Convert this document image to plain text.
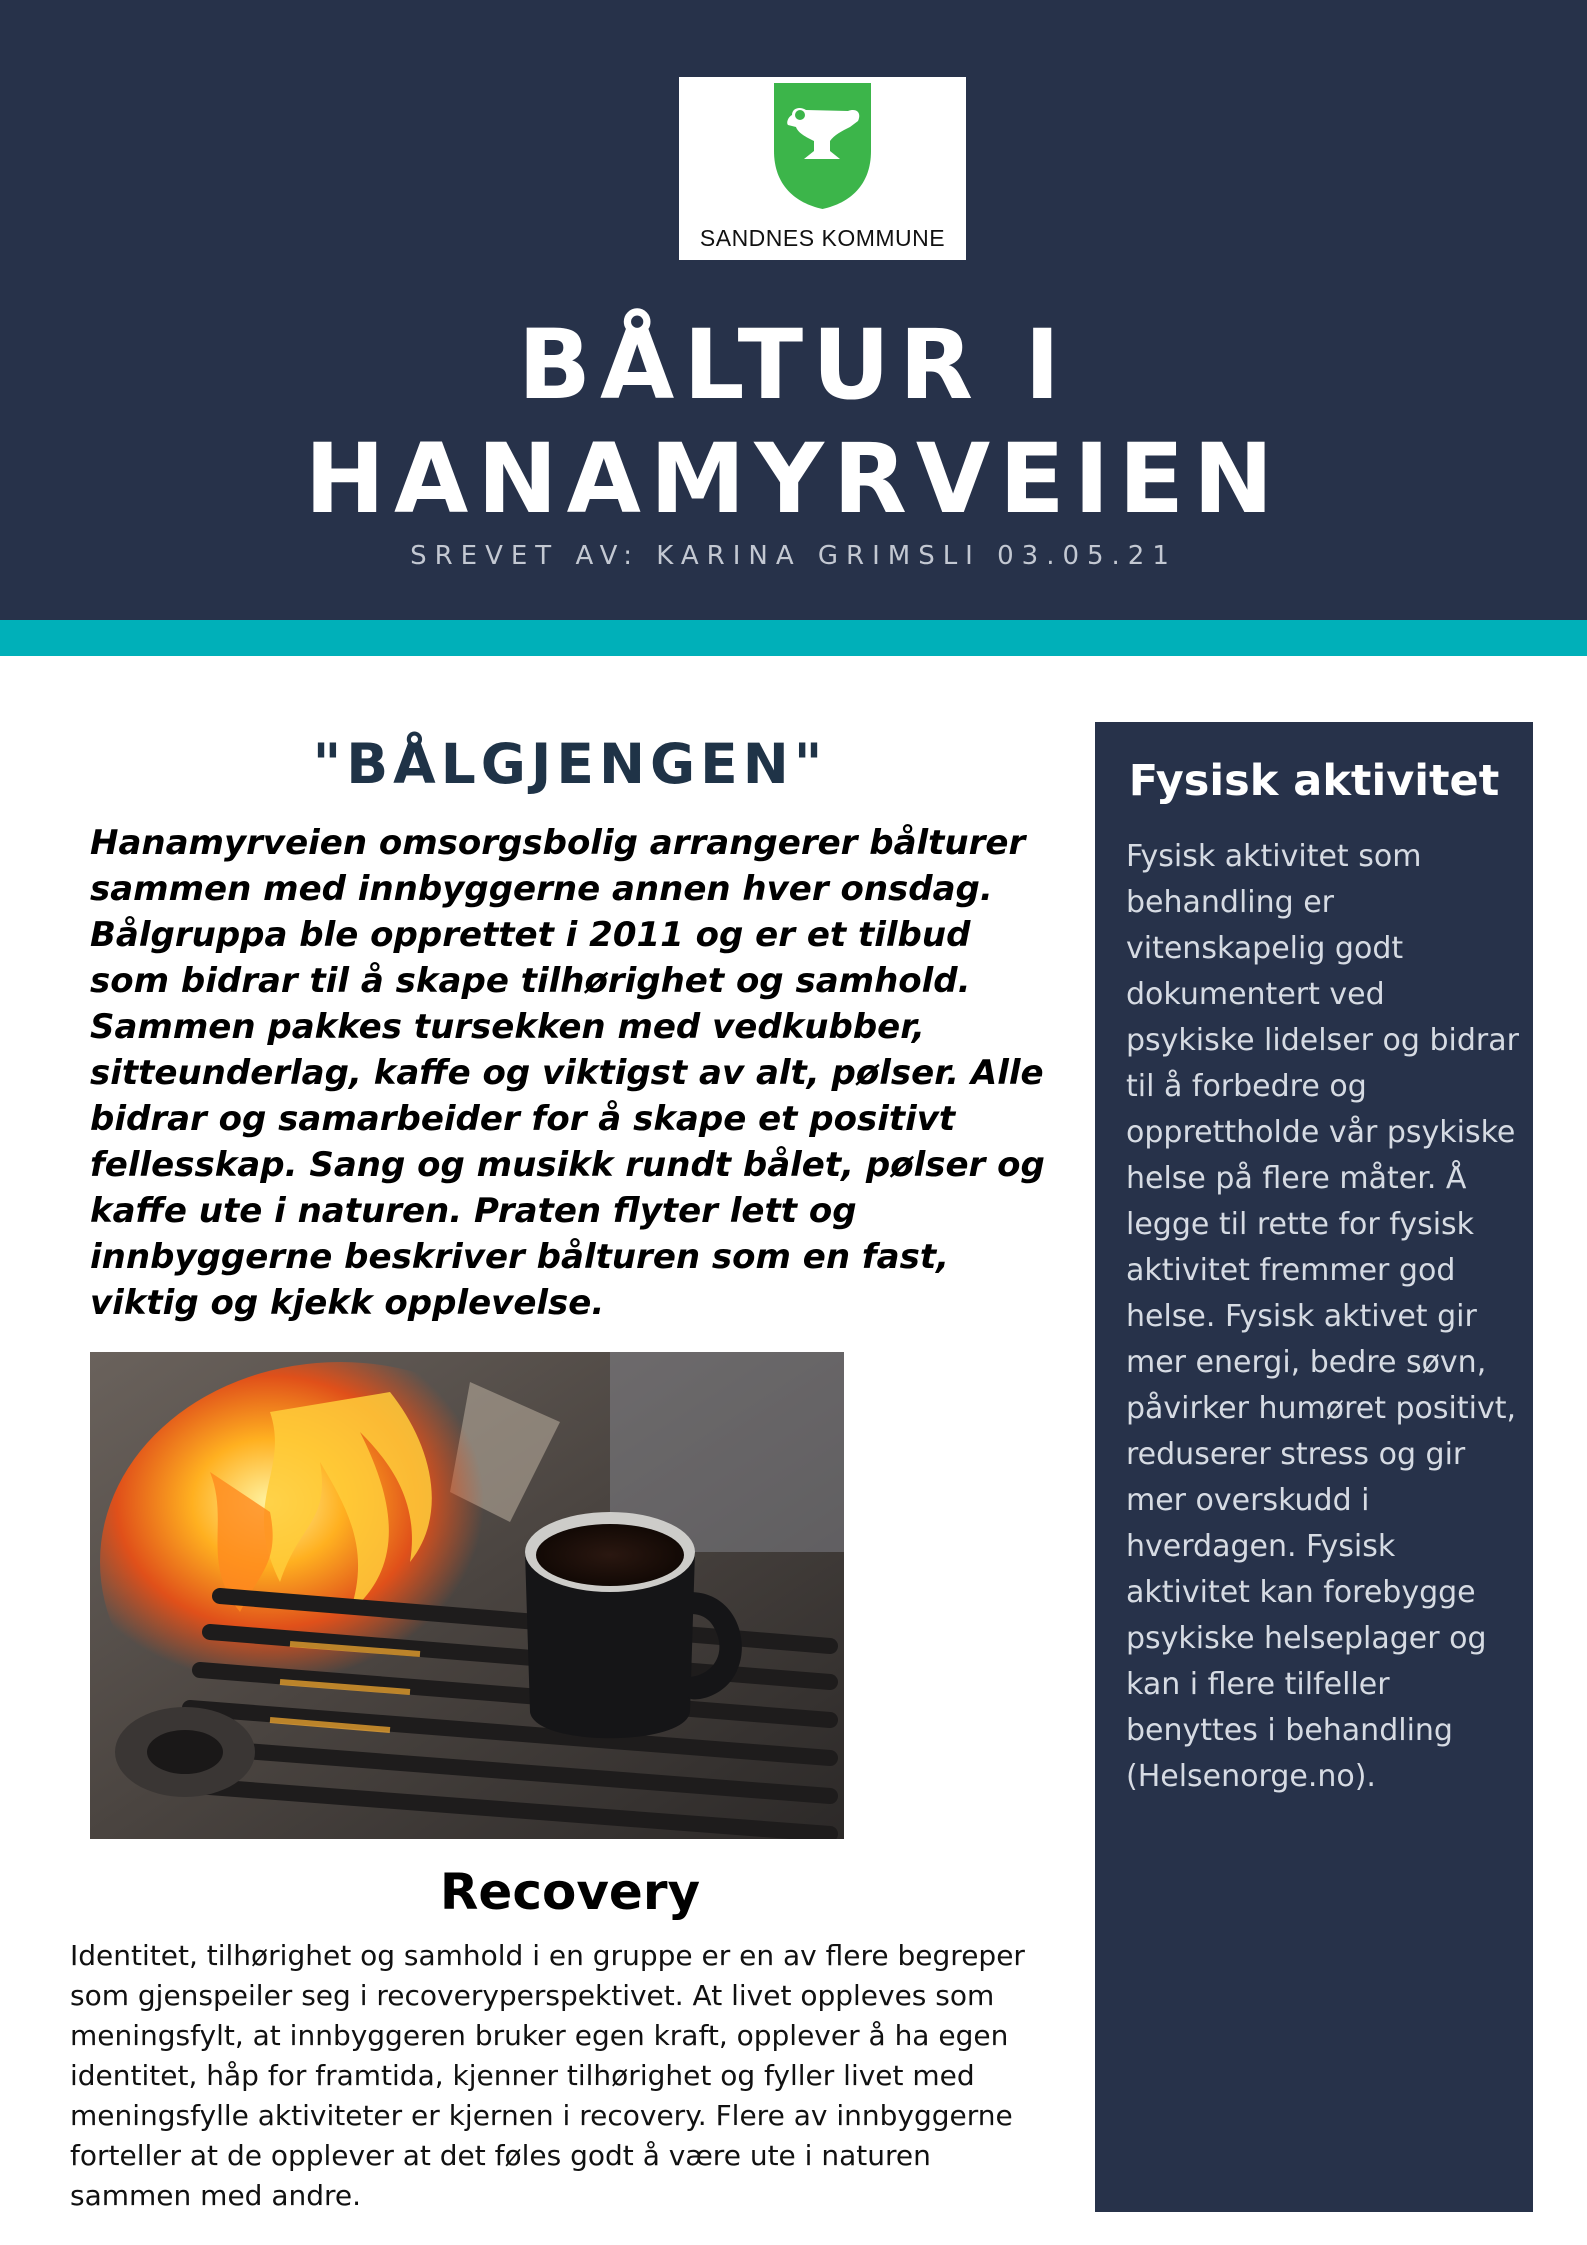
SANDNES KOMMUNE
BÅLTUR I HANAMYRVEIEN
SREVET AV: KARINA GRIMSLI 03.05.21
"BÅLGJENGEN"

Hanamyrveien omsorgsbolig arrangerer bålturer sammen med innbyggerne annen hver onsdag. Bålgruppa ble opprettet i 2011 og er et tilbud som bidrar til å skape tilhørighet og samhold. Sammen pakkes tursekken med vedkubber, sitteunderlag, kaffe og viktigst av alt, pølser. Alle bidrar og samarbeider for å skape et positivt fellesskap. Sang og musikk rundt bålet, pølser og kaffe ute i naturen. Praten flyter lett og innbyggerne beskriver bålturen som en fast, viktig og kjekk opplevelse.

Recovery

Identitet, tilhørighet og samhold i en gruppe er en av flere begreper som gjenspeiler seg i recoveryperspektivet. At livet oppleves som meningsfylt, at innbyggeren bruker egen kraft, opplever å ha egen identitet, håp for framtida, kjenner tilhørighet og fyller livet med meningsfylle aktiviteter er kjernen i recovery. Flere av innbyggerne forteller at de opplever at det føles godt å være ute i naturen sammen med andre.

Fysisk aktivitet

Fysisk aktivitet som behandling er vitenskapelig godt dokumentert ved psykiske lidelser og bidrar til å forbedre og opprettholde vår psykiske helse på flere måter. Å legge til rette for fysisk aktivitet fremmer god helse. Fysisk aktivet gir mer energi, bedre søvn, påvirker humøret positivt, reduserer stress og gir mer overskudd i hverdagen. Fysisk aktivitet kan forebygge psykiske helseplager og kan i flere tilfeller benyttes i behandling (Helsenorge.no).
